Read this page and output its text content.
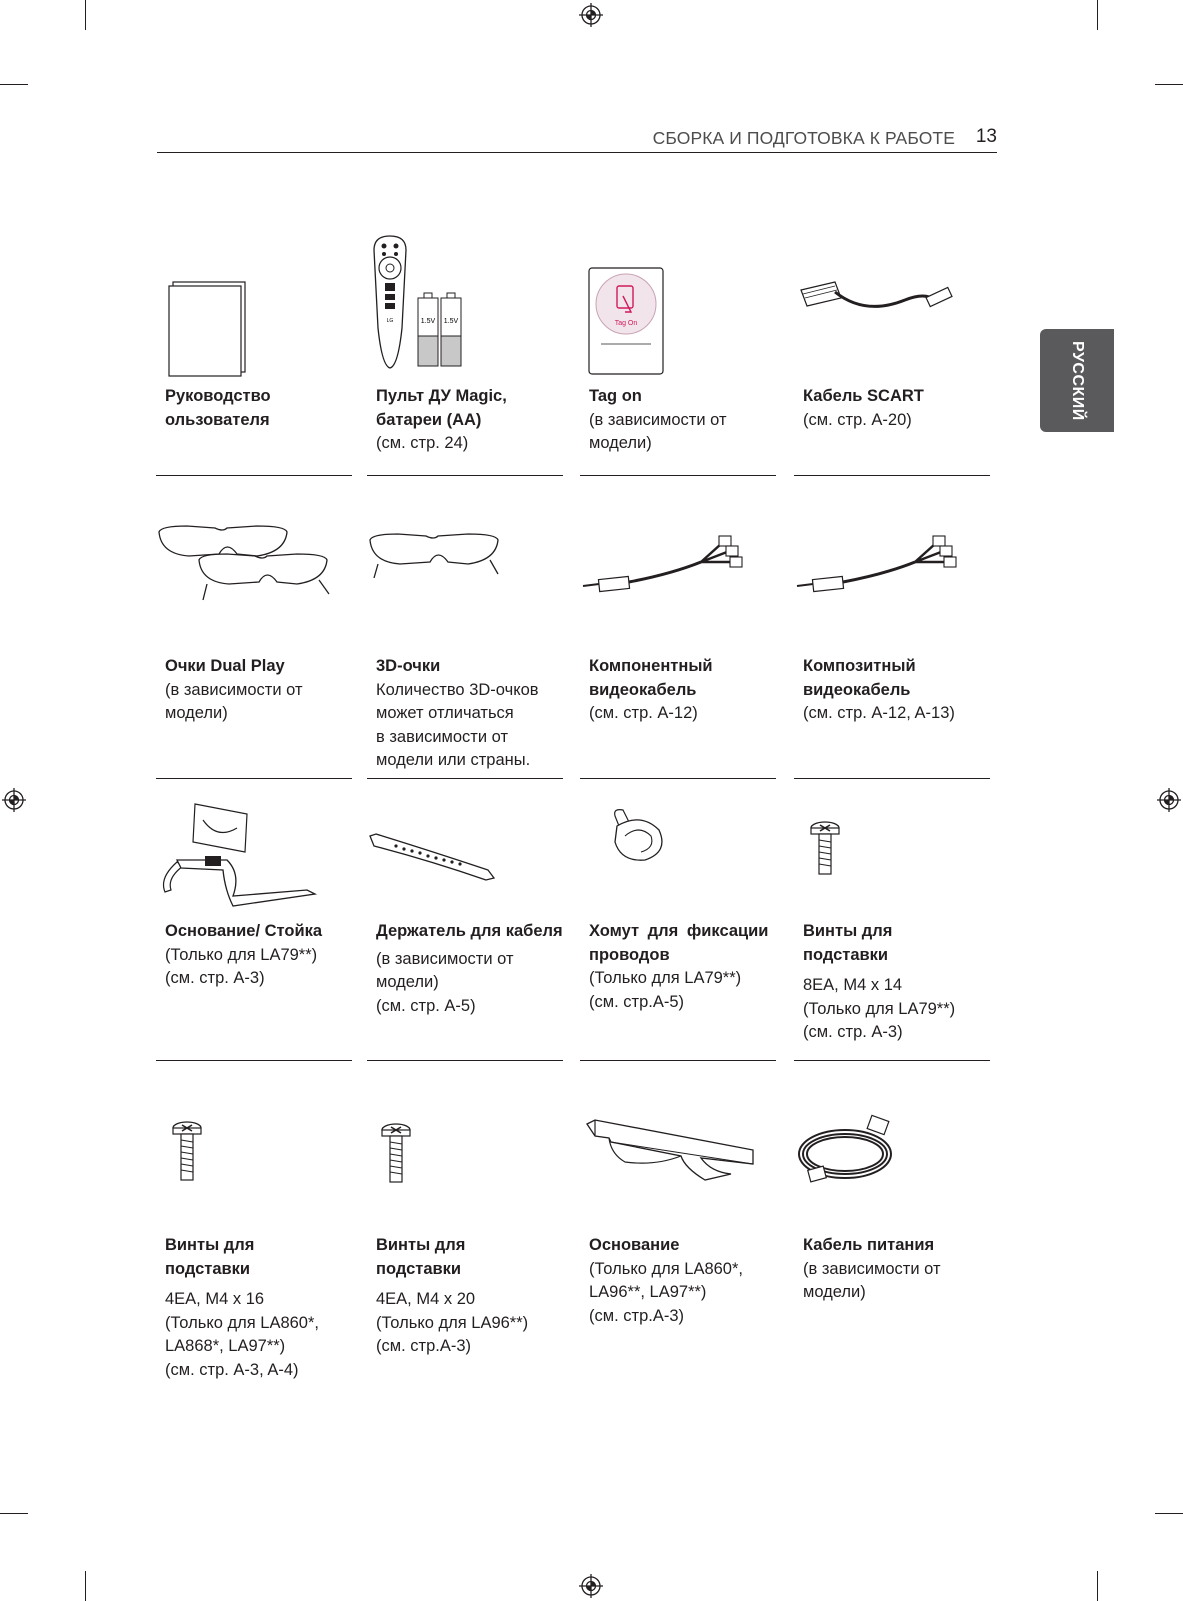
СБОРКА И ПОДГОТОВКА К РАБОТЕ 13
РУССКИЙ
Руководство
ользователя
LG	1.5V 1.5V
Пульт ДУ Magic,
батареи (AA)
(см. стр. 24)
Tag On
Tag on
(в зависимости от
модели)
Кабель SCART
(см. стр. A-20)
Очки Dual Play
(в зависимости от
модели)
3D-очки
Количество 3D-очков
может отличаться
в зависимости от
модели или страны.
Компонентный
видеокабель
(см. стр. A-12)
Композитный
видеокабель
(см. стр. A-12, A-13)
Основание/ Стойка
(Только для LA79**)
(см. стр. A-3)
Держатель для кабеля
(в зависимости от
модели)
(см. стр. A-5)
Хомут для фиксации
проводов
(Только для LA79**)
(см. стр.A-5)
Винты для
подставки
8EA, M4 x 14
(Только для LA79**)
(см. стр. A-3)
Винты для
подставки
4EA, M4 x 16
(Только для LA860*,
LA868*, LA97**)
(см. стр. A-3, A-4)
Винты для
подставки
4EA, M4 x 20
(Только для LA96**)
(см. стр.A-3)
Основание
(Только для LA860*,
LA96**, LA97**)
(см. стр.A-3)
Кабель питания
(в зависимости от
модели)
